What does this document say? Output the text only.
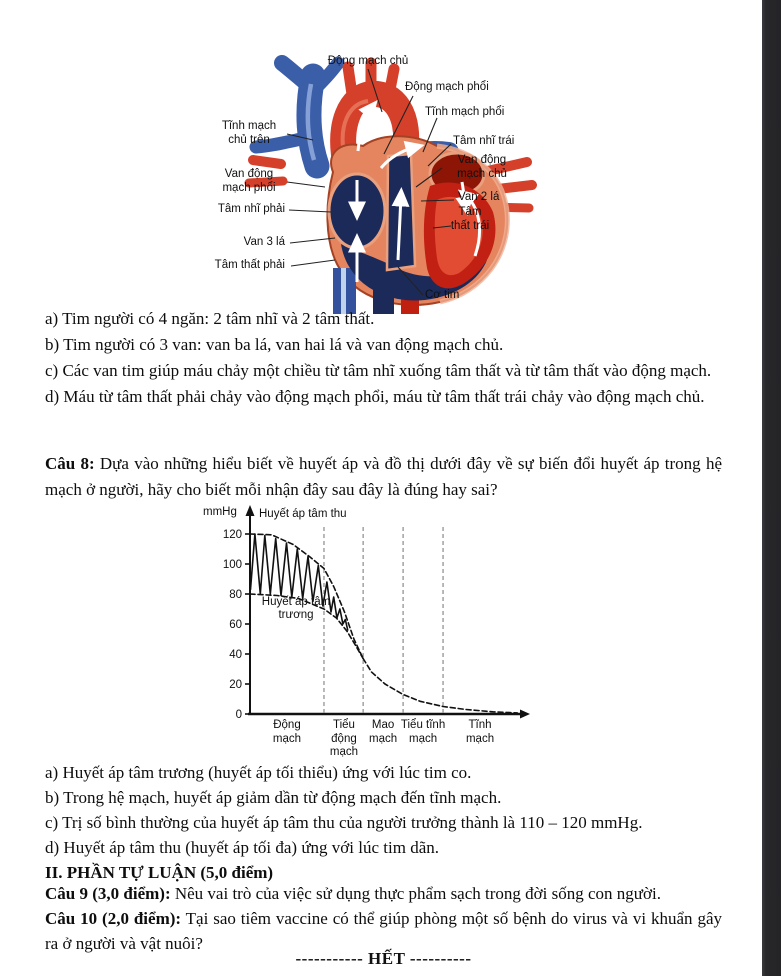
Động mạch chủ
Động mạch phổi
Tĩnh mạch phổi
Tâm nhĩ trái
Van động mạch chủ
Van 2 lá
Tâm thất trái
Cơ tim
Tĩnh mạch chủ trên
Van động mạch phổi
Tâm nhĩ phải
Van 3 lá
Tâm thất phải

a) Tim người có 4 ngăn: 2 tâm nhĩ và 2 tâm thất.

b) Tim người có 3 van: van ba lá, van hai lá và van động mạch chủ.

c) Các van tim giúp máu chảy một chiều từ tâm nhĩ xuống tâm thất và từ tâm thất vào động mạch.

d) Máu từ tâm thất phải chảy vào động mạch phổi, máu từ tâm thất trái chảy vào động mạch chủ.

Câu 8: Dựa vào những hiểu biết về huyết áp và đồ thị dưới đây về sự biến đổi huyết áp trong hệ mạch ở người, hãy cho biết mỗi nhận đây sau đây là đúng hay sai?

0
20
40
60
80
100
120
mmHg Huyết áp tâm thu
Huyết áp tâm trương
Động mạch
Tiểu động mạch
Mao mạch
Tiểu tĩnh mạch
Tĩnh mạch

a) Huyết áp tâm trương (huyết áp tối thiểu) ứng với lúc tim co.

b) Trong hệ mạch, huyết áp giảm dần từ động mạch đến tĩnh mạch.

c) Trị số bình thường của huyết áp tâm thu của người trưởng thành là 110 – 120 mmHg.

d) Huyết áp tâm thu (huyết áp tối đa) ứng với lúc tim dãn.

II. PHẦN TỰ LUẬN (5,0 điểm)

Câu 9 (3,0 điểm): Nêu vai trò của việc sử dụng thực phẩm sạch trong đời sống con người.

Câu 10 (2,0 điểm): Tại sao tiêm vaccine có thể giúp phòng một số bệnh do virus và vi khuẩn gây ra ở người và vật nuôi?

----------- HẾT ----------
